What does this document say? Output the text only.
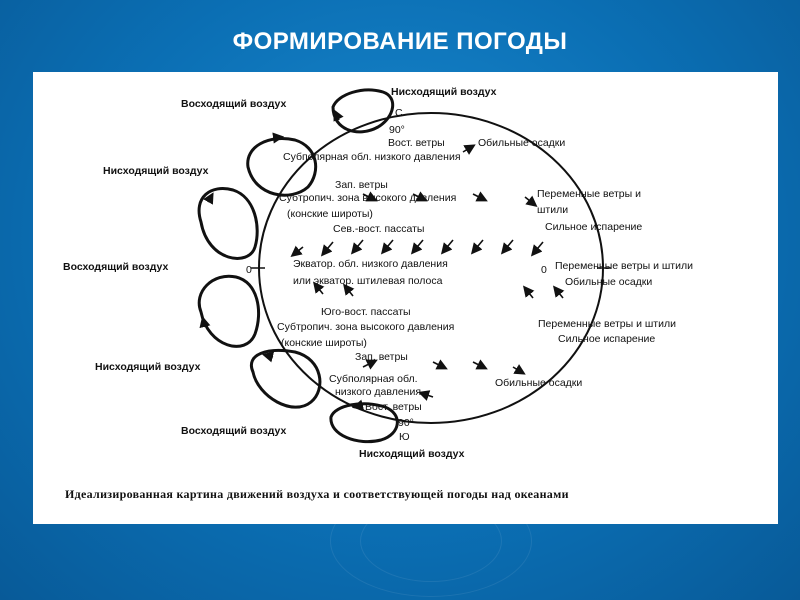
ФОРМИРОВАНИЕ ПОГОДЫ
Восходящий воздух
Нисходящий воздух
Восходящий воздух
Нисходящий воздух
Восходящий воздух
Нисходящий воздух
С
90°
90°
Ю
Нисходящий воздух
0	0
Вост. ветры
Субполярная обл. низкого давления
Зап. ветры
Субтропич. зона высокого давления
(конские широты)
Сев.-вост. пассаты
Экватор. обл. низкого давления
или экватор. штилевая полоса
Юго-вост. пассаты
Субтропич. зона высокого давления
(конские широты)
Зап. ветры
Субполярная обл.
низкого давления
Вост. ветры
Обильные осадки
Переменные ветры и
штили
Сильное испарение
Переменные ветры и штили
Обильные осадки
Переменные ветры и штили
Сильное испарение
Обильные осадки
Идеализированная картина движений воздуха и соответствующей погоды над океанами
